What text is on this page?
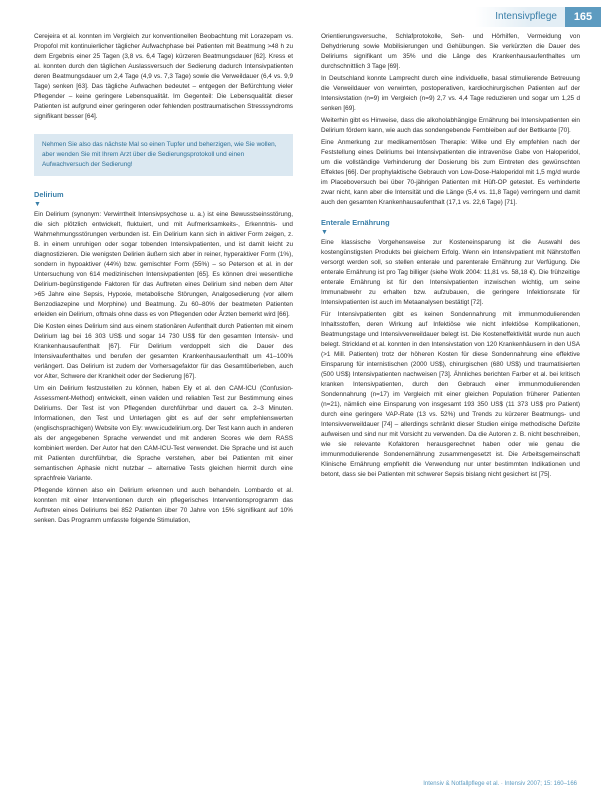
Intensivpflege	165

Cerejeira et al. konnten im Vergleich zur konventionellen Beobachtung mit Lorazepam vs. Propofol mit kontinuierlicher täglicher Aufwachphase bei Patienten mit Beatmung >48 h zu dem Ergebnis einer 25 Tagen (3,8 vs. 6,4 Tage) kürzeren Beatmungsdauer [62]. Kress et al. konnten durch den täglichen Auslassversuch der Sedierung dadurch Intensivpatienten deren Beatmungsdauer um 2,4 Tage (4,9 vs. 7,3 Tage) sowie die Verweildauer (6,4 vs. 9,9 Tage) senken [63]. Das tägliche Aufwachen bedeutet – entgegen der Befürchtung vieler Pflegender – keine geringere Lebensqualität. Im Gegenteil: Die Lebensqualität dieser Patienten ist aufgrund einer geringeren oder fehlenden posttraumatischen Stresssyndroms signifikant besser [64].

Nehmen Sie also das nächste Mal so einen Tupfer und beherzigen, wie Sie wollen, aber wenden Sie mit Ihrem Arzt über die Sedierungsprotokoll und einen Aufwachversuch der Sedierung!

Delirium
▼

Ein Delirium (synonym: Verwirrtheit Intensivpsychose u. a.) ist eine Bewusstseinsstörung, die sich plötzlich entwickelt, fluktuiert, und mit Aufmerksamkeits-, Erkenntnis- und Wahrnehmungsstörungen verbunden ist. Ein Delirium kann sich in aktiver Form zeigen, z. B. in einem unruhigen oder sogar tobenden Intensivpatienten, und ist damit leicht zu diagnostizieren. Die wenigsten Delirien äußern sich aber in reiner, hyperaktiver Form (1%), sondern in hypoaktiver (44%) bzw. gemischter Form (55%) – so Peterson et al. in der Untersuchung von 614 medizinischen Intensivpatienten [65]. Es können drei wesentliche Delirium-begünstigende Faktoren für das Auftreten eines Delirium sind neben dem Alter >65 Jahre eine Sepsis, Hypoxie, metabolische Störungen, Analgosedierung (vor allem Benzodiazepine und Morphine) und Beatmung. Zu 60–80% der beatmeten Patienten erleiden ein Delirium, oftmals ohne dass es von Pflegenden oder Ärzten bemerkt wird [66].

Die Kosten eines Delirium sind aus einem stationären Aufenthalt durch Patienten mit einem Delirium lag bei 16 303 US$ und sogar 14 730 US$ für den gesamten Intensiv- und Krankenhausaufenthalt [67]. Für Delirium verdoppelt sich die Dauer des Intensivaufenthaltes und berufen der gesamten Krankenhausaufenthalt um 41–100% verlängert. Das Delirium ist zudem der Vorhersagefaktor für das Gesamtüberleben, auch vor Alter, Schwere der Krankheit oder der Sedierung [67].

Um ein Delirium festzustellen zu können, haben Ely et al. den CAM-ICU (Confusion-Assessment-Method) entwickelt, einen validen und reliablen Test zur Bestimmung eines Deliriums. Der Test ist von Pflegenden durchführbar und dauert ca. 2–3 Minuten. Informationen, den Test und Unterlagen gibt es auf der sehr empfehlenswerten (englischsprachigen) Website von Ely: www.icudelirium.org. Der Test kann auch in anderen als der angegebenen Sprache verwendet und mit anderen Scores wie dem RASS kombiniert werden. Der Autor hat den CAM-ICU-Test verwendet. Die Sprache und ist auch mit Patienten durchführbar, die Sprache verstehen, aber bei Patienten mit einer semantischen Aphasie nicht nutzbar – alternative Tests gleichen hiermit durch eine sprachfreie Variante.

Pflegende können also ein Delirium erkennen und auch behandeln. Lombardo et al. konnten mit einer Interventionen durch ein pflegerisches Interventionsprogramm das Auftreten eines Deliriums bei 852 Patienten über 70 Jahre von 15% signifikant auf 10% senken. Das Programm umfasste folgende Stimulation,

Orientierungsversuche, Schlafprotokolle, Seh- und Hörhilfen, Vermeidung von Dehydrierung sowie Mobilisierungen und Gehübungen. Sie verkürzten die Dauer des Deliriums signifikant um 35% und die Länge des Krankenhausaufenthaltes um durchschnittlich 3 Tage [69].

In Deutschland konnte Lamprecht durch eine individuelle, basal stimulierende Betreuung die Verweildauer von verwirrten, postoperativen, kardiochirurgischen Patienten auf der Intensivstation (n=9) im Vergleich (n=9) 2,7 vs. 4,4 Tage reduzieren und sogar um 1,25 d senken [69].

Weiterhin gibt es Hinweise, dass die alkoholabhängige Ernährung bei Intensivpatienten ein Delirium fördern kann, wie auch das sondengebende Fernbleiben auf der Bettkante [70].

Eine Anmerkung zur medikamentösen Therapie: Wilke und Ely empfehlen nach der Feststellung eines Deliriums bei Intensivpatienten die intravenöse Gabe von Haloperidol, um die vollständige Verhinderung der Dosierung bis zum Eintreten des gewünschten Effektes [66]. Der prophylaktische Gebrauch von Low-Dose-Haloperidol mit 1,5 mg/d wurde im Placeboversuch bei über 70-jährigen Patienten mit Hüft-OP getestet. Es verhinderte zwar nicht, kann aber die Intensität und die Länge (5,4 vs. 11,8 Tage) verringern und damit auch den gesamten Krankenhausaufenthalt (17,1 vs. 22,6 Tage) [71].

Enterale Ernährung
▼

Eine klassische Vorgehensweise zur Kosteneinsparung ist die Auswahl des kostengünstigsten Produkts bei gleichem Erfolg. Wenn ein Intensivpatient mit Nährstoffen versorgt werden soll, so stellen enterale und parenterale Ernährung zur Verfügung. Die enterale Ernährung ist pro Tag billiger (siehe Wolk 2004: 11,81 vs. 58,18 €). Die frühzeitige enterale Ernährung ist für den Intensivpatienten inzwischen wichtig, um seine Immunabwehr zu erhalten bzw. aufzubauen, die geringere Infektionsrate für Intensivpatienten ist auch im Metaanalysen bestätigt [72].

Für Intensivpatienten gibt es keinen Sondennahrung mit immunmodulierenden Inhaltsstoffen, deren Wirkung auf Infektiöse wie nicht infektiöse Komplikationen, Beatmungstage und Intensivverweildauer belegt ist. Die Kosteneffektivität wurde nun auch belegt. Strickland et al. konnten in den Intensivstation von 120 Krankenhäusern in den USA (>1 Mill. Patienten) trotz der höheren Kosten für diese Sondennahrung eine effektive Einsparung für internistischen (2000 US$), chirurgischen (680 US$) und traumatisierten (500 US$) Intensivpatienten nachweisen [73]. Ähnliches berichten Farber et al. bei kritisch kranken Intensivpatienten, durch den Gebrauch einer immunmodulierenden Sondennahrung (n=17) im Vergleich mit einer gleichen Population früherer Patienten (n=21), nämlich eine Einsparung von insgesamt 193 350 US$ (11 373 US$ pro Patient) durch eine geringere VAP-Rate (13 vs. 52%) und Trends zu kürzerer Beatmungs- und Intensivverweildauer [74] – allerdings schränkt dieser Studien einige methodische Defizite aufweisen und sind nur mit Vorsicht zu verwenden. Da die Autoren z. B. nicht beschreiben, wie sie relevante Kofaktoren herausgerechnet haben oder wie genau die immunmodulierende Sondenernährung zusammengesetzt ist. Die Arbeitsgemeinschaft Klinische Ernährung empfiehlt die Verwendung nur unter bestimmten Indikationen und betont, dass sie bei Patienten mit schwerer Sepsis bislang nicht gesichert ist [75].

Intensiv & Notfallpflege et al. · Intensiv 2007; 15: 160–166
